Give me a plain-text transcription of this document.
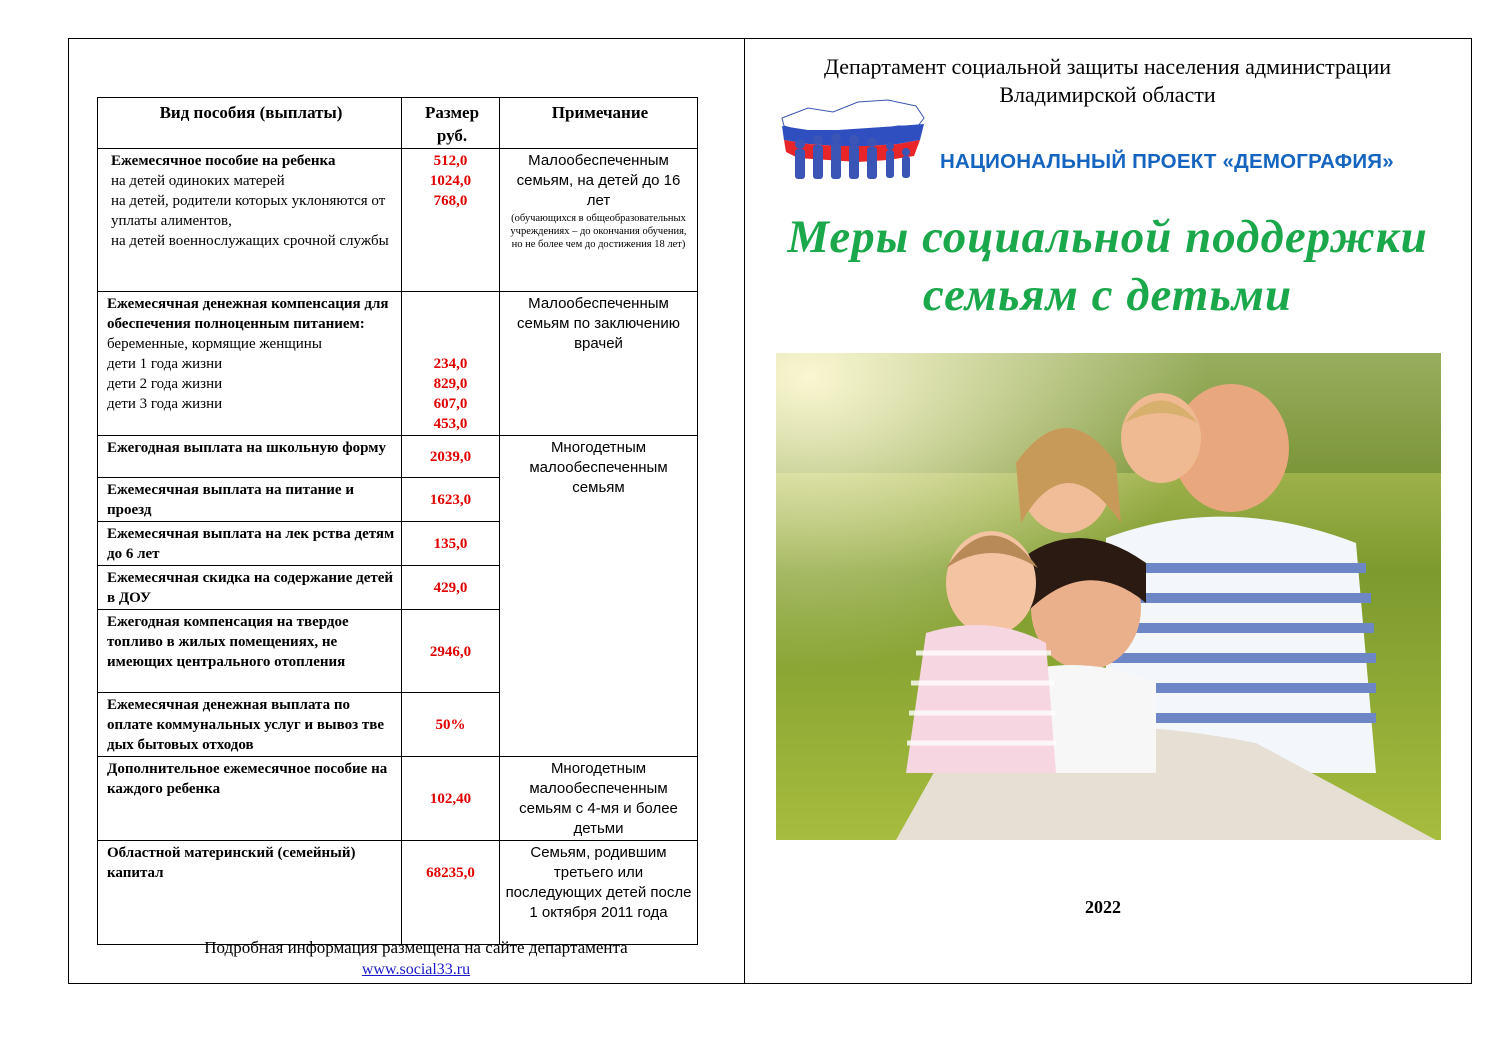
Вид пособия (выплаты)	Размер руб.	Примечание
Ежемесячное пособие на ребенка
на детей одиноких матерей
на детей, родители которых уклоняются от уплаты алиментов,
на детей военнослужащих срочной службы	512,0
1024,0
768,0	Малообеспеченным семьям, на детей до 16 лет
(обучающихся в общеобразовательных учреждениях – до окончания обучения, но не более чем до достижения 18 лет)

Ежемесячная денежная компенсация для обеспечения полноценным питанием:
беременные, кормящие женщины
дети 1 года жизни
дети 2 года жизни
дети 3 года жизни	234,0
829,0
607,0
453,0	Малообеспеченным семьям по заключению врачей
Ежегодная выплата на школьную форму	2039,0	Многодетным малообеспеченным семьям
Ежемесячная выплата на питание и проезд	1623,0	
Ежемесячная выплата на лек рства детям до 6 лет	135,0	
Ежемесячная скидка на содержание детей в ДОУ	429,0	
Ежегодная компенсация на твердое топливо в жилых помещениях, не имеющих центрального отопления	2946,0	
Ежемесячная денежная выплата по оплате коммунальных услуг и вывоз тве дых бытовых отходов	50%	
Дополнительное ежемесячное пособие на каждого ребенка	102,40	Многодетным малообеспеченным семьям с 4-мя и более детьми
Областной материнский (семейный) капитал	68235,0	Семьям, родившим третьего или последующих детей после 1 октября 2011 года
Подробная информация размещена на сайте департамента
www.social33.ru
Департамент социальной защиты населения администрации Владимирской области
НАЦИОНАЛЬНЫЙ ПРОЕКТ «ДЕМОГРАФИЯ»
Меры социальной поддержки семьям с детьми
2022
